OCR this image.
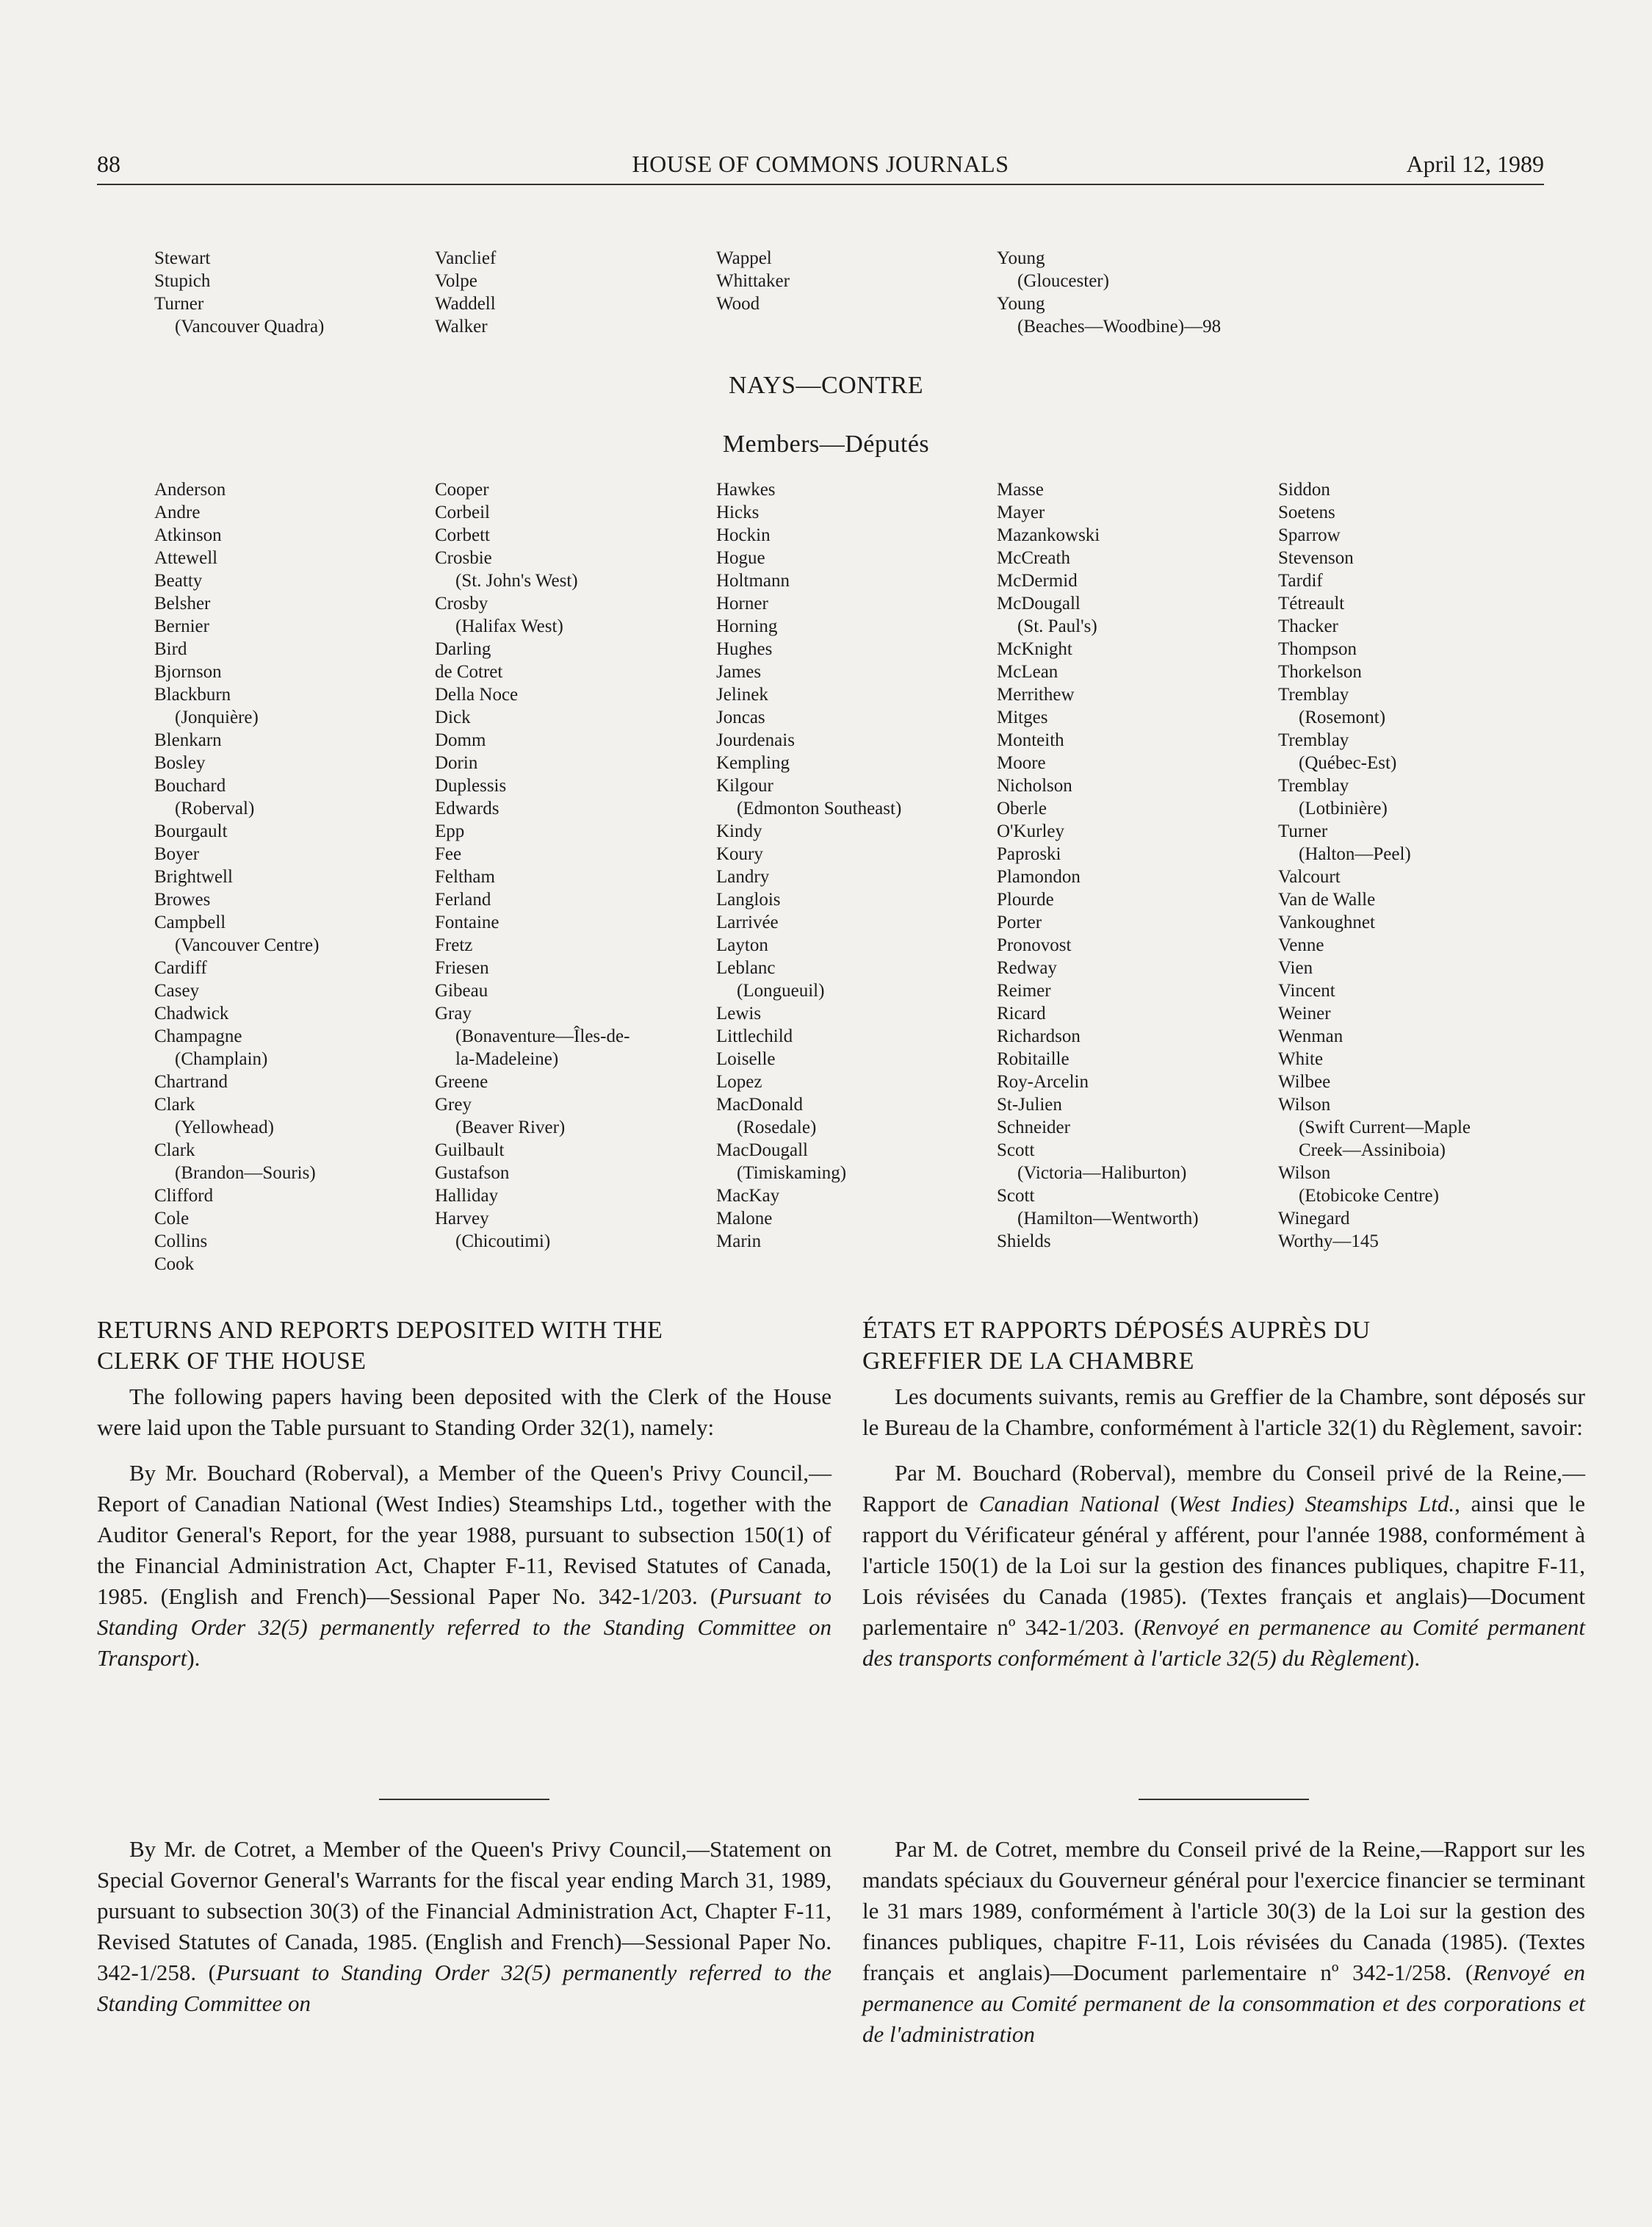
88	HOUSE OF COMMONS JOURNALS	April 12, 1989
Stewart
Stupich
Turner
(Vancouver Quadra)
Vanclief
Volpe
Waddell
Walker
Wappel
Whittaker
Wood
Young
(Gloucester)
Young
(Beaches—Woodbine)—98
NAYS—CONTRE
Members—Députés
Anderson
Andre
Atkinson
Attewell
Beatty
Belsher
Bernier
Bird
Bjornson
Blackburn
(Jonquière)
Blenkarn
Bosley
Bouchard
(Roberval)
Bourgault
Boyer
Brightwell
Browes
Campbell
(Vancouver Centre)
Cardiff
Casey
Chadwick
Champagne
(Champlain)
Chartrand
Clark
(Yellowhead)
Clark
(Brandon—Souris)
Clifford
Cole
Collins
Cook
Cooper
Corbeil
Corbett
Crosbie
(St. John's West)
Crosby
(Halifax West)
Darling
de Cotret
Della Noce
Dick
Domm
Dorin
Duplessis
Edwards
Epp
Fee
Feltham
Ferland
Fontaine
Fretz
Friesen
Gibeau
Gray
(Bonaventure—Îles-de-
la-Madeleine)
Greene
Grey
(Beaver River)
Guilbault
Gustafson
Halliday
Harvey
(Chicoutimi)
Hawkes
Hicks
Hockin
Hogue
Holtmann
Horner
Horning
Hughes
James
Jelinek
Joncas
Jourdenais
Kempling
Kilgour
(Edmonton Southeast)
Kindy
Koury
Landry
Langlois
Larrivée
Layton
Leblanc
(Longueuil)
Lewis
Littlechild
Loiselle
Lopez
MacDonald
(Rosedale)
MacDougall
(Timiskaming)
MacKay
Malone
Marin
Masse
Mayer
Mazankowski
McCreath
McDermid
McDougall
(St. Paul's)
McKnight
McLean
Merrithew
Mitges
Monteith
Moore
Nicholson
Oberle
O'Kurley
Paproski
Plamondon
Plourde
Porter
Pronovost
Redway
Reimer
Ricard
Richardson
Robitaille
Roy-Arcelin
St-Julien
Schneider
Scott
(Victoria—Haliburton)
Scott
(Hamilton—Wentworth)
Shields
Siddon
Soetens
Sparrow
Stevenson
Tardif
Tétreault
Thacker
Thompson
Thorkelson
Tremblay
(Rosemont)
Tremblay
(Québec-Est)
Tremblay
(Lotbinière)
Turner
(Halton—Peel)
Valcourt
Van de Walle
Vankoughnet
Venne
Vien
Vincent
Weiner
Wenman
White
Wilbee
Wilson
(Swift Current—Maple
Creek—Assiniboia)
Wilson
(Etobicoke Centre)
Winegard
Worthy—145
RETURNS AND REPORTS DEPOSITED WITH THE
CLERK OF THE HOUSE

The following papers having been deposited with the Clerk of the House were laid upon the Table pursuant to Standing Order 32(1), namely:

By Mr. Bouchard (Roberval), a Member of the Queen's Privy Council,—Report of Canadian National (West Indies) Steamships Ltd., together with the Auditor General's Report, for the year 1988, pursuant to subsection 150(1) of the Financial Administration Act, Chapter F-11, Revised Statutes of Canada, 1985. (English and French)—Sessional Paper No. 342-1/203. (Pursuant to Standing Order 32(5) permanently referred to the Standing Committee on Transport).

By Mr. de Cotret, a Member of the Queen's Privy Council,—Statement on Special Governor General's Warrants for the fiscal year ending March 31, 1989, pursuant to subsection 30(3) of the Financial Administration Act, Chapter F-11, Revised Statutes of Canada, 1985. (English and French)—Sessional Paper No. 342-1/258. (Pursuant to Standing Order 32(5) permanently referred to the Standing Committee on

ÉTATS ET RAPPORTS DÉPOSÉS AUPRÈS DU
GREFFIER DE LA CHAMBRE

Les documents suivants, remis au Greffier de la Chambre, sont déposés sur le Bureau de la Chambre, conformément à l'article 32(1) du Règlement, savoir:

Par M. Bouchard (Roberval), membre du Conseil privé de la Reine,—Rapport de Canadian National (West Indies) Steamships Ltd., ainsi que le rapport du Vérificateur général y afférent, pour l'année 1988, conformément à l'article 150(1) de la Loi sur la gestion des finances publiques, chapitre F-11, Lois révisées du Canada (1985). (Textes français et anglais)—Document parlementaire nº 342-1/203. (Renvoyé en permanence au Comité permanent des transports conformément à l'article 32(5) du Règlement).

Par M. de Cotret, membre du Conseil privé de la Reine,—Rapport sur les mandats spéciaux du Gouverneur général pour l'exercice financier se terminant le 31 mars 1989, conformément à l'article 30(3) de la Loi sur la gestion des finances publiques, chapitre F-11, Lois révisées du Canada (1985). (Textes français et anglais)—Document parlementaire nº 342-1/258. (Renvoyé en permanence au Comité permanent de la consommation et des corporations et de l'administration
